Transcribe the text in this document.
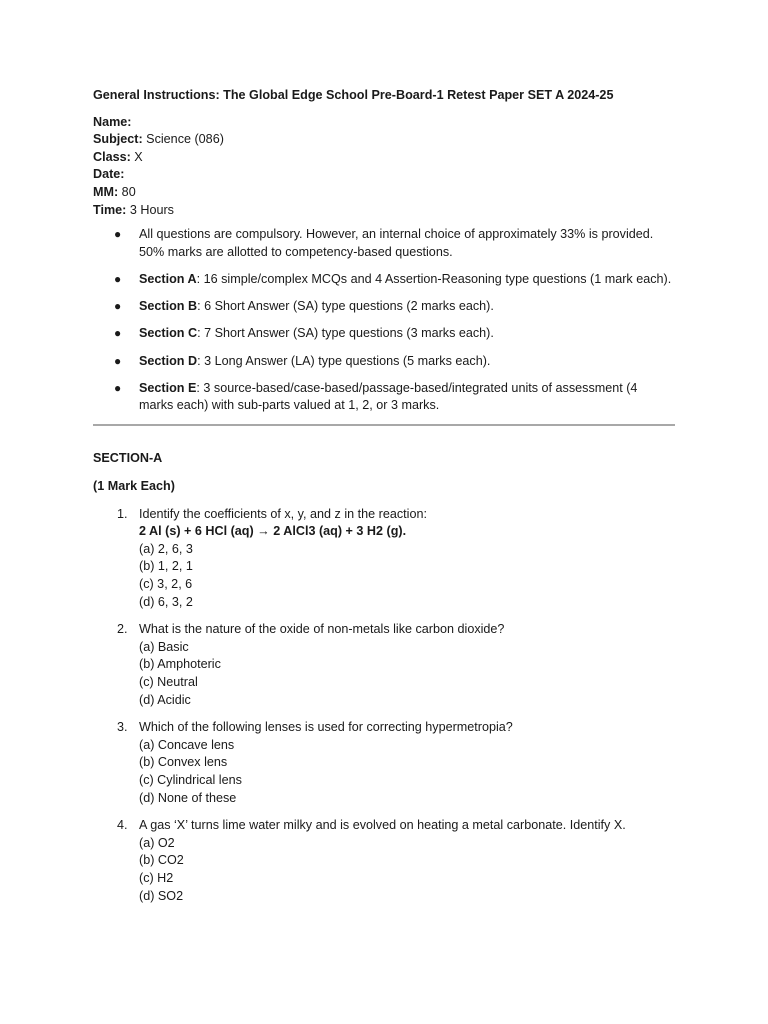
General Instructions: The Global Edge School Pre-Board-1 Retest Paper SET A 2024-25

Name:

Subject: Science (086)

Class: X

Date:

MM: 80

Time: 3 Hours

● All questions are compulsory. However, an internal choice of approximately 33% is provided. 50% marks are allotted to competency-based questions.
● Section A: 16 simple/complex MCQs and 4 Assertion-Reasoning type questions (1 mark each).
● Section B: 6 Short Answer (SA) type questions (2 marks each).
● Section C: 7 Short Answer (SA) type questions (3 marks each).
● Section D: 3 Long Answer (LA) type questions (5 marks each).
● Section E: 3 source-based/case-based/passage-based/integrated units of assessment (4 marks each) with sub-parts valued at 1, 2, or 3 marks.

SECTION-A

(1 Mark Each)

1. Identify the coefficients of x, y, and z in the reaction:
2 Al (s) + 6 HCl (aq) → 2 AlCl3 (aq) + 3 H2 (g).
(a) 2, 6, 3
(b) 1, 2, 1
(c) 3, 2, 6
(d) 6, 3, 2
2. What is the nature of the oxide of non-metals like carbon dioxide?
(a) Basic
(b) Amphoteric
(c) Neutral
(d) Acidic
3. Which of the following lenses is used for correcting hypermetropia?
(a) Concave lens
(b) Convex lens
(c) Cylindrical lens
(d) None of these
4. A gas ‘X’ turns lime water milky and is evolved on heating a metal carbonate. Identify X.
(a) O2
(b) CO2
(c) H2
(d) SO2
